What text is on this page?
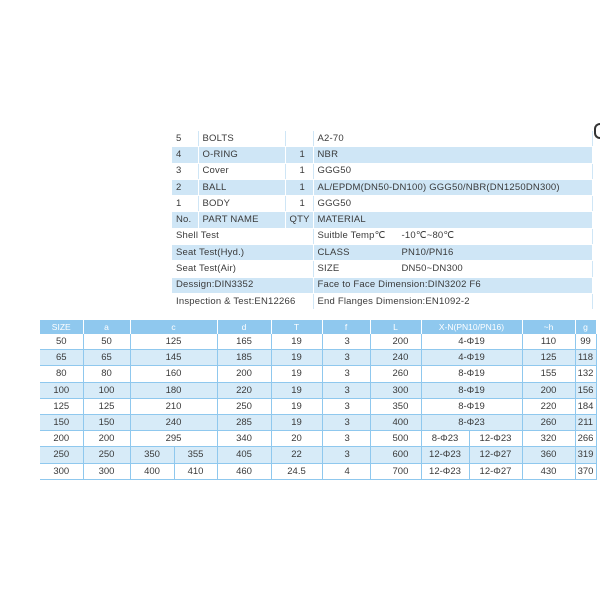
5	BOLTS		A2-70
4	O-RING	1	NBR
3	Cover	1	GGG50
2	BALL	1	AL/EPDM(DN50-DN100) GGG50/NBR(DN1250DN300)
1	BODY	1	GGG50
No.	PART NAME	QTY	MATERIAL
Shell Test			Suitble Temp℃ -10℃~80℃
Seat Test(Hyd.)			CLASS PN10/PN16
Seat Test(Air)			SIZE DN50~DN300
Dessign:DIN3352			Face to Face Dimension:DIN3202 F6
Inspection & Test:EN12266			End Flanges Dimension:EN1092-2
SIZE	a	c		d	T	f	L	X-N(PN10/PN16)		~h	g
50	50	125		165	19	3	200	4-Φ19		110	99
65	65	145		185	19	3	240	4-Φ19		125	118
80	80	160		200	19	3	260	8-Φ19		155	132
100	100	180		220	19	3	300	8-Φ19		200	156
125	125	210		250	19	3	350	8-Φ19		220	184
150	150	240		285	19	3	400	8-Φ23		260	211
200	200	295		340	20	3	500	8-Φ23	12-Φ23	320	266
250	250	350	355	405	22	3	600	12-Φ23	12-Φ27	360	319
300	300	400	410	460	24.5	4	700	12-Φ23	12-Φ27	430	370
